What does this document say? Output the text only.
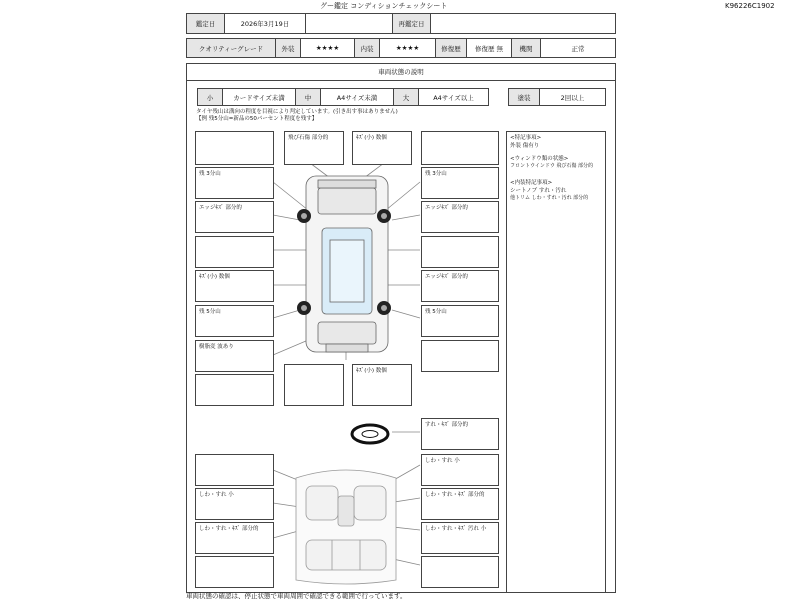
グー鑑定 コンディションチェックシート	K96226C1902
鑑定日	2026年3月19日	再鑑定日
クオリティーグレード	外装	★★★★	内装	★★★★	修復歴	修復歴 無	機関	正常
車両状態の説明
小	カードサイズ未満	中	A4サイズ未満	大	A4サイズ以上	塗装	2回以上
タイヤ残山は溝向の程度を目視により判定しています。(引き出す事はありません)
【例 残5分山=新品の50パーセント程度を残す】
<特記事項>
外装 傷有り
<ウィンドウ類の状態>
フロントウインドウ 飛び石傷 部分的
<内装特記事項>
シートノブ すれ・汚れ
他トリム しわ・すれ・汚れ 部分的
飛び石傷 部分的	ｷｽﾞ(小) 数個
残 3分山	残 3分山
エッジｷｽﾞ 部分的	エッジｷｽﾞ 部分的
ｷｽﾞ(小) 数個	エッジｷｽﾞ 部分的
残 5分山	残 5分山
樹脂変 波あり
ｷｽﾞ(小) 数個
すれ・ｷｽﾞ 部分的
しわ・すれ 小
しわ・すれ 小	しわ・すれ・ｷｽﾞ 部分的
しわ・すれ・ｷｽﾞ 部分的	しわ・すれ・ｷｽﾞ 汚れ 小
車両状態の確認は、停止状態で車両周囲で確認できる範囲で行っています。
